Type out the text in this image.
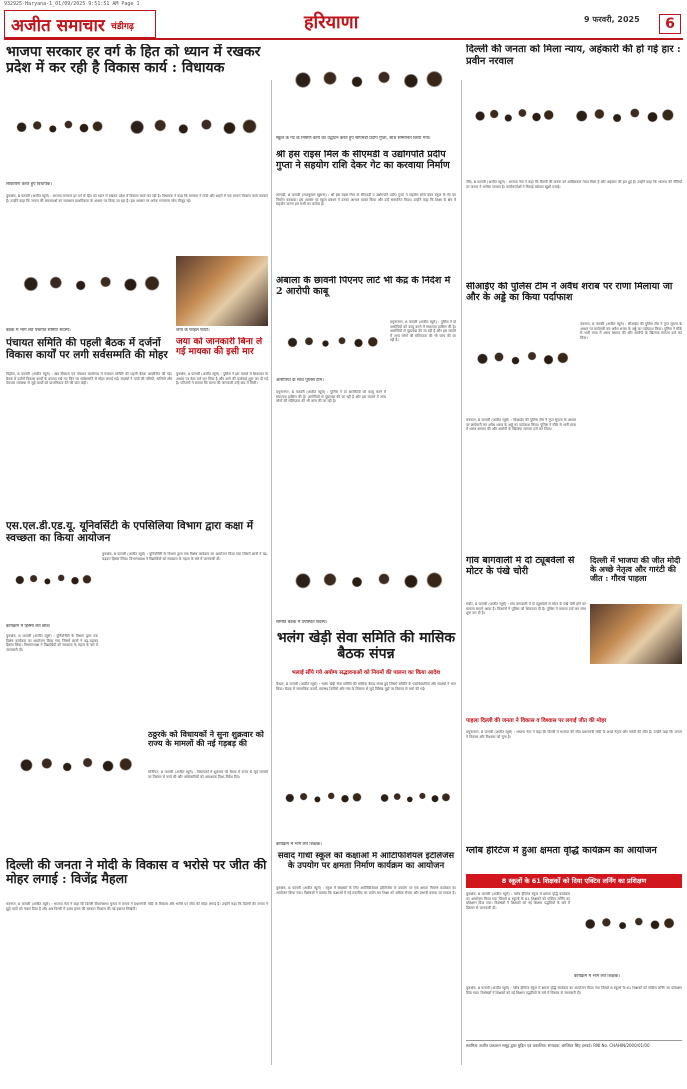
932925-Haryana-1_01/09/2025 9:51:51 AM Page 1
अजीत समाचार चंडीगढ़	हरियाणा	9 फरवरी, 2025	6
भाजपा सरकार हर वर्ग के हित को ध्यान में रखकर प्रदेश में कर रही है विकास कार्य : विधायक
लोकार्पण करते हुए विधायक।
कुरुक्षेत्र, 8 फरवरी (अजीत ब्यूरो) : भाजपा सरकार हर वर्ग के हित को ध्यान में रखकर प्रदेश में विकास कार्य कर रही है। विधायक ने कहा कि सरकार ने गांवों और शहरों में एक समान विकास कार्य करवाए हैं। उन्होंने कहा कि जनता की समस्याओं का समाधान प्राथमिकता के आधार पर किया जा रहा है। इस अवसर पर अनेक गणमान्य लोग मौजूद रहे।
बैठक में भाग लेते पंचायत समिति सदस्य।	जया के फाइल फोटो।
पंचायत समिति की पहली बैठक में दर्जनों विकास कार्यों पर लगी सर्वसम्मति की मोहर
जया को जानकारी बिना ले गई मायका की इसी मार
कुरुक्षेत्र, 8 फरवरी (अजीत ब्यूरो) : पुलिस ने इस मामले में शिकायत के आधार पर केस दर्ज कर लिया है और आगे की कार्रवाई शुरू कर दी गई है। परिजनों ने बताया कि घटना की जानकारी उन्हें बाद में मिली।
पिहोवा, 8 फरवरी (अजीत ब्यूरो) : खंड विकास एवं पंचायत कार्यालय में पंचायत समिति की पहली बैठक आयोजित की गई। बैठक में दर्जनों विकास कार्यों के प्रस्ताव रखे गए जिन पर सर्वसम्मति से मोहर लगाई गई। सदस्यों ने गांवों की गलियों, नालियों और पेयजल व्यवस्था से जुड़े कार्यों को प्राथमिकता देने की बात कही।
एस.एल.डी.एड.यू. यूनिवर्सिटी के एपसिलिया विभाग द्वारा कक्षा में स्वच्छता का किया आयोजन
कार्यक्रम में हिस्सा लेते छात्र।
कुरुक्षेत्र, 8 फरवरी (अजीत ब्यूरो) : यूनिवर्सिटी के विभाग द्वारा एक विशेष कार्यक्रम का आयोजन किया गया जिसमें छात्रों ने बढ़-चढ़कर हिस्सा लिया। विभागाध्यक्ष ने विद्यार्थियों को स्वच्छता के महत्व के बारे में जानकारी दी।
कुरुक्षेत्र, 8 फरवरी (अजीत ब्यूरो) : यूनिवर्सिटी के विभाग द्वारा एक विशेष कार्यक्रम का आयोजन किया गया जिसमें छात्रों ने बढ़-चढ़कर हिस्सा लिया। विभागाध्यक्ष ने विद्यार्थियों को स्वच्छता के महत्व के बारे में जानकारी दी।
ठठ्ठरके को विधायकों ने सुना शुक्रवार को राज्य के मामलों की नई गड़बड़ की
सोनीपत, 8 फरवरी (अजीत ब्यूरो) : विधायकों ने शुक्रवार को बैठक में राज्य से जुड़े मामलों पर विस्तार से चर्चा की और अधिकारियों को आवश्यक दिशा-निर्देश दिए।
दिल्ली की जनता ने मोदी के विकास व भरोसे पर जीत की मोहर लगाई : विजेंद्र मैहला
करनाल, 8 फरवरी (अजीत ब्यूरो) : भाजपा नेता ने कहा कि दिल्ली विधानसभा चुनाव में जनता ने प्रधानमंत्री मोदी के विकास और भरोसे पर जीत की मोहर लगाई है। उन्होंने कहा कि दिल्ली की जनता ने झूठे वादों को नकार दिया है और अब दिल्ली में डबल इंजन की सरकार विकास की नई इबारत लिखेगी।
स्कूल के गेट के निर्माण कार्य का उद्घाटन करते हुए सीएमडी प्रदीप गुप्ता, साथ सम्मानित किया गया।
श्री हंस राइस मिल के सीएमडी व उद्योगपति प्रदीप गुप्ता ने सहयोग राशि देकर गेट का करवाया निर्माण
तरावड़ी, 8 फरवरी (राजकुमार खुराना) : श्री हंस राइस मिल के सीएमडी व उद्योगपति प्रदीप गुप्ता ने सहयोग राशि देकर स्कूल के गेट का निर्माण करवाया। इस अवसर पर स्कूल प्रबंधन ने उनका आभार व्यक्त किया और उन्हें सम्मानित किया। उन्होंने कहा कि शिक्षा के क्षेत्र में सहयोग करना हम सभी का कर्तव्य है।
अंबाला के छावनी पिएनए लाटे भी केंद्र के निर्देश में 2 आरोपी काबू
आरोपियों के साथ पुलिस टीम।
यमुनानगर, 8 फरवरी (अजीत ब्यूरो) : पुलिस ने दो आरोपियों को काबू करने में सफलता हासिल की है। आरोपियों से पूछताछ की जा रही है और इस मामले में अन्य लोगों की संलिप्तता की भी जांच की जा रही है।
यमुनानगर, 8 फरवरी (अजीत ब्यूरो) : पुलिस ने दो आरोपियों को काबू करने में सफलता हासिल की है। आरोपियों से पूछताछ की जा रही है और इस मामले में अन्य लोगों की संलिप्तता की भी जांच की जा रही है।
समिति बैठक में उपस्थित सदस्य।
भलंग खेड़ी सेवा समिति की मासिक बैठक संपन्न
भलाई सौंपे गये अयोग्य सद्भावनाओं को नियमों की पालना का किया आदेश
कैथल, 8 फरवरी (अजीत ब्यूरो) : भलंग खेड़ी सेवा समिति की मासिक बैठक संपन्न हुई जिसमें समिति के पदाधिकारियों और सदस्यों ने भाग लिया। बैठक में सामाजिक कार्यों, स्वास्थ्य शिविरों और गांव के विकास से जुड़े विभिन्न मुद्दों पर विस्तार से चर्चा की गई।
कार्यक्रम में भाग लेते शिक्षक।
संवाद गांधी स्कूल को कक्षाओं में आर्टिफिशियल इंटेलिजेंस के उपयोग पर क्षमता निर्माण कार्यक्रम का आयोजन
कुरुक्षेत्र, 8 फरवरी (अजीत ब्यूरो) : स्कूल में शिक्षकों के लिए आर्टिफिशियल इंटेलिजेंस के उपयोग पर एक क्षमता निर्माण कार्यक्रम का आयोजन किया गया। विशेषज्ञों ने बताया कि कक्षाओं में नई तकनीक का प्रयोग कर शिक्षा को अधिक रोचक और प्रभावी बनाया जा सकता है।
दिल्ली की जनता को मिला न्याय, अहंकारी की हो गई हार : प्रवीन नरवाल
जींद, 8 फरवरी (अजीत ब्यूरो) : भाजपा नेता ने कहा कि दिल्ली की जनता को आखिरकार न्याय मिला है और अहंकार की हार हुई है। उन्होंने कहा कि भाजपा की नीतियों पर जनता ने भरोसा जताया है। कार्यकर्ताओं ने मिठाई बांटकर खुशी मनाई।
सीआईए की पुलिस टीम ने अवैध शराब पर राणा मिलाया जा और के अड्डे का किया पर्दाफाश
करनाल, 8 फरवरी (अजीत ब्यूरो) : सीआईए की पुलिस टीम ने गुप्त सूचना के आधार पर छापेमारी कर अवैध शराब के अड्डे का पर्दाफाश किया। पुलिस ने मौके से भारी मात्रा में शराब बरामद की और आरोपी के खिलाफ मामला दर्ज कर लिया।
करनाल, 8 फरवरी (अजीत ब्यूरो) : सीआईए की पुलिस टीम ने गुप्त सूचना के आधार पर छापेमारी कर अवैध शराब के अड्डे का पर्दाफाश किया। पुलिस ने मौके से भारी मात्रा में शराब बरामद की और आरोपी के खिलाफ मामला दर्ज कर लिया।
गांव बागवाली में दो ट्यूबवेलों से मोटर के पंखे चोरी
रादौर, 8 फरवरी (अजीत ब्यूरो) : गांव बागवाली में दो ट्यूबवेलों से मोटर के पंखे चोरी होने का मामला सामने आया है। किसानों ने पुलिस को शिकायत दी है। पुलिस ने मामला दर्ज कर जांच शुरू कर दी है।
दिल्ली में भाजपा की जीत मोदी के अच्छे नेतृत्व और गारंटी की जीत : गौरव पाहला
पाहला दिल्ली की जनता ने विकास व विश्वास पर लगाई जीत की मोहर
यमुनानगर, 8 फरवरी (अजीत ब्यूरो) : भाजपा नेता ने कहा कि दिल्ली में भाजपा की जीत प्रधानमंत्री मोदी के अच्छे नेतृत्व और गारंटी की जीत है। उन्होंने कहा कि जनता ने विकास और विश्वास को चुना है।
ग्लोब हेरिटेज में हुआ क्षमता वृद्धि कार्यक्रम का आयोजन
8 स्कूलों के 61 शिक्षकों को दिया एक्टिव लर्निंग का प्रशिक्षण
कुरुक्षेत्र, 8 फरवरी (अजीत ब्यूरो) : ग्लोब हेरिटेज स्कूल में क्षमता वृद्धि कार्यक्रम का आयोजन किया गया जिसमें 8 स्कूलों के 61 शिक्षकों को एक्टिव लर्निंग का प्रशिक्षण दिया गया। विशेषज्ञों ने शिक्षकों को नई शिक्षण पद्धतियों के बारे में विस्तार से जानकारी दी।
कार्यक्रम में भाग लेते शिक्षक।
कुरुक्षेत्र, 8 फरवरी (अजीत ब्यूरो) : ग्लोब हेरिटेज स्कूल में क्षमता वृद्धि कार्यक्रम का आयोजन किया गया जिसमें 8 स्कूलों के 61 शिक्षकों को एक्टिव लर्निंग का प्रशिक्षण दिया गया। विशेषज्ञों ने शिक्षकों को नई शिक्षण पद्धतियों के बारे में विस्तार से जानकारी दी।
स्वामित्व अजीत प्रकाशन समूह द्वारा मुद्रित एवं प्रकाशित। संपादक: बरजिंदर सिंह हमदर्द। RNI No. CHAHIN/2000/01/00
